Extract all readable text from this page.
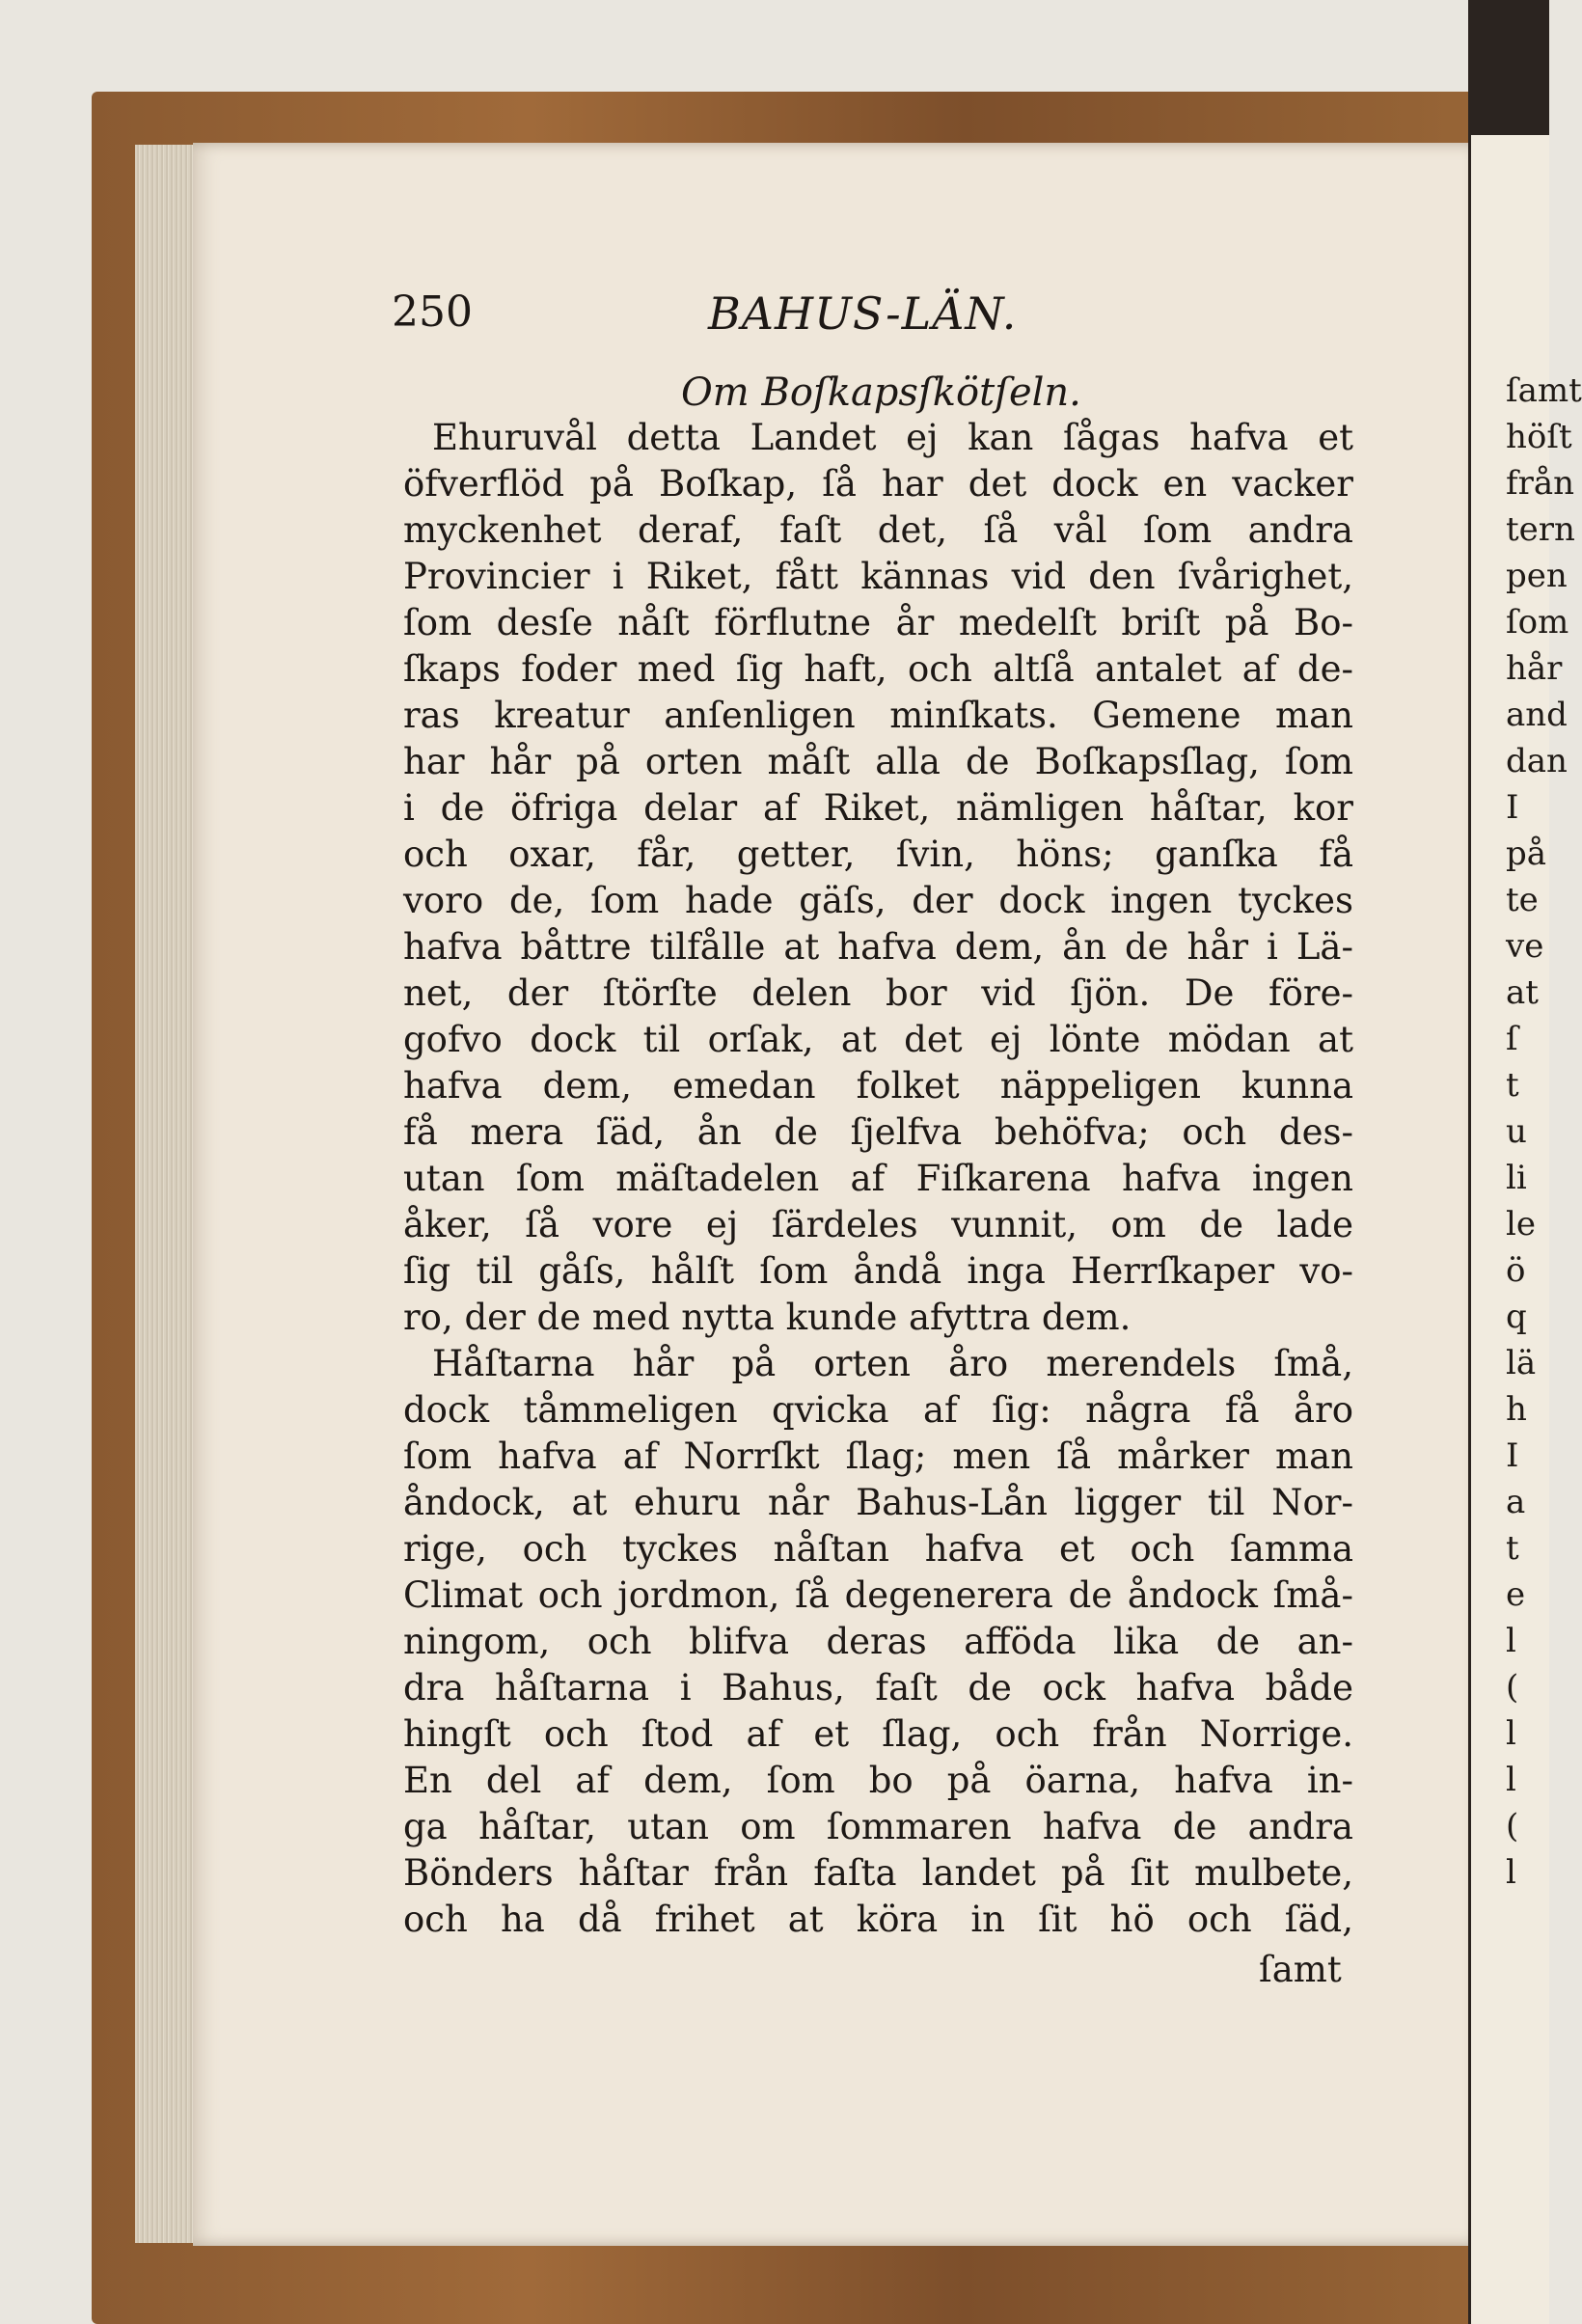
ſamt
höſt
från
tern
pen
ſom
hår
and
dan
I
på
te
ve
at
ſ
t
u
li
le
ö
q
lä
h
I
a
t
e
l
(
l
l
(
l
250	BAHUS-LÄN.
Om Boſkapsſkötſeln.
Ehuruvål detta Landet ej kan ſågas hafva et
öfverflöd på Boſkap, ſå har det dock en vacker
myckenhet deraf, faſt det, ſå vål ſom andra
Provincier i Riket, fått kännas vid den ſvårighet,
ſom desſe nåſt förflutne år medelſt briſt på Bo-
ſkaps foder med ſig haft, och altſå antalet af de-
ras kreatur anſenligen minſkats. Gemene man
har hår på orten måſt alla de Boſkapsſlag, ſom
i de öfriga delar af Riket, nämligen håſtar, kor
och oxar, får, getter, ſvin, höns; ganſka få
voro de, ſom hade gäſs, der dock ingen tyckes
hafva båttre tilfålle at hafva dem, ån de hår i Lä-
net, der ſtörſte delen bor vid ſjön. De före-
gofvo dock til orſak, at det ej lönte mödan at
hafva dem, emedan folket näppeligen kunna
få mera ſäd, ån de ſjelfva behöfva; och des-
utan ſom mäſtadelen af Fiſkarena hafva ingen
åker, ſå vore ej ſärdeles vunnit, om de lade
ſig til gåſs, hålſt ſom åndå inga Herrſkaper vo-
ro, der de med nytta kunde afyttra dem.
Håſtarna hår på orten åro merendels ſmå,
dock tåmmeligen qvicka af ſig: några få åro
ſom hafva af Norrſkt ſlag; men ſå mårker man
åndock, at ehuru når Bahus-Lån ligger til Nor-
rige, och tyckes nåſtan hafva et och ſamma
Climat och jordmon, ſå degenerera de åndock ſmå-
ningom, och blifva deras afföda lika de an-
dra håſtarna i Bahus, faſt de ock hafva både
hingſt och ſtod af et ſlag, och från Norrige.
En del af dem, ſom bo på öarna, hafva in-
ga håſtar, utan om ſommaren hafva de andra
Bönders håſtar från faſta landet på ſit mulbete,
och ha då frihet at köra in ſit hö och ſäd,
ſamt
